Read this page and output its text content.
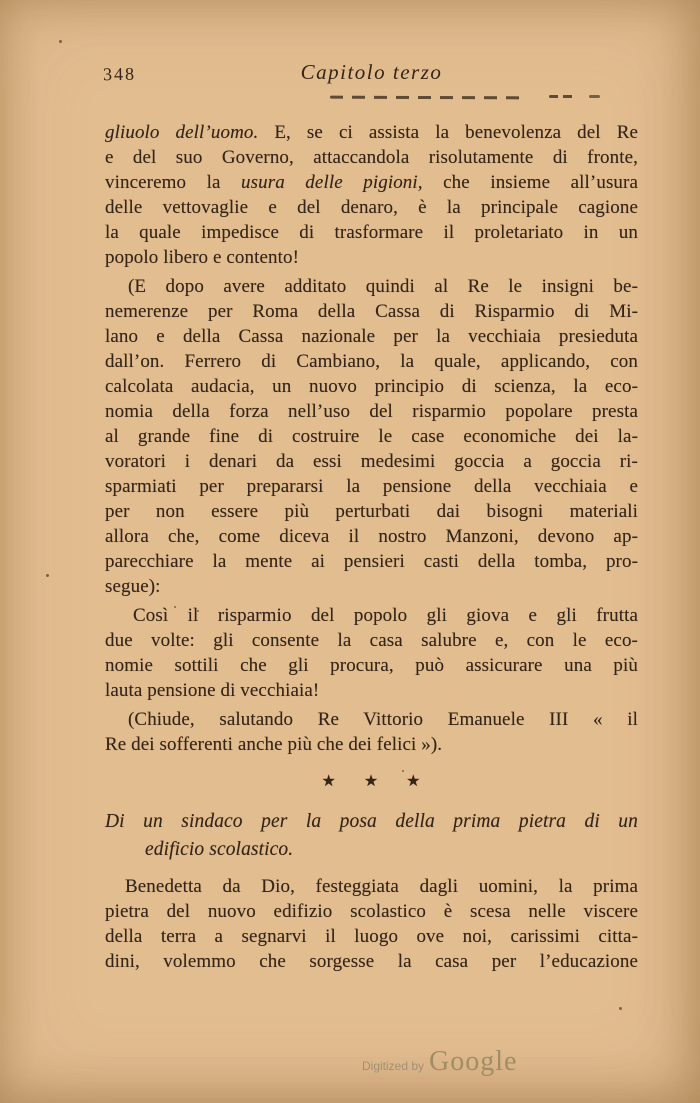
348	Capitolo terzo
gliuolo dell’uomo. E, se ci assista la benevolenza del Re
e del suo Governo, attaccandola risolutamente di fronte,
vinceremo la usura delle pigioni, che insieme all’usura
delle vettovaglie e del denaro, è la principale cagione
la quale impedisce di trasformare il proletariato in un
popolo libero e contento!
(E dopo avere additato quindi al Re le insigni be-
nemerenze per Roma della Cassa di Risparmio di Mi-
lano e della Cassa nazionale per la vecchiaia presieduta
dall’on. Ferrero di Cambiano, la quale, applicando, con
calcolata audacia, un nuovo principio di scienza, la eco-
nomia della forza nell’uso del risparmio popolare presta
al grande fine di costruire le case economiche dei la-
voratori i denari da essi medesimi goccia a goccia ri-
sparmiati per prepararsi la pensione della vecchiaia e
per non essere più perturbati dai bisogni materiali
allora che, come diceva il nostro Manzoni, devono ap-
parecchiare la mente ai pensieri casti della tomba, pro-
segue):
Così il risparmio del popolo gli giova e gli frutta
due volte: gli consente la casa salubre e, con le eco-
nomie sottili che gli procura, può assicurare una più
lauta pensione di vecchiaia!
(Chiude, salutando Re Vittorio Emanuele III « il
Re dei sofferenti anche più che dei felici »).
★ ★ ★
Di un sindaco per la posa della prima pietra di un
edificio scolastico.
Benedetta da Dio, festeggiata dagli uomini, la prima
pietra del nuovo edifizio scolastico è scesa nelle viscere
della terra a segnarvi il luogo ove noi, carissimi citta-
dini, volemmo che sorgesse la casa per l’educazione
Digitized by Google
